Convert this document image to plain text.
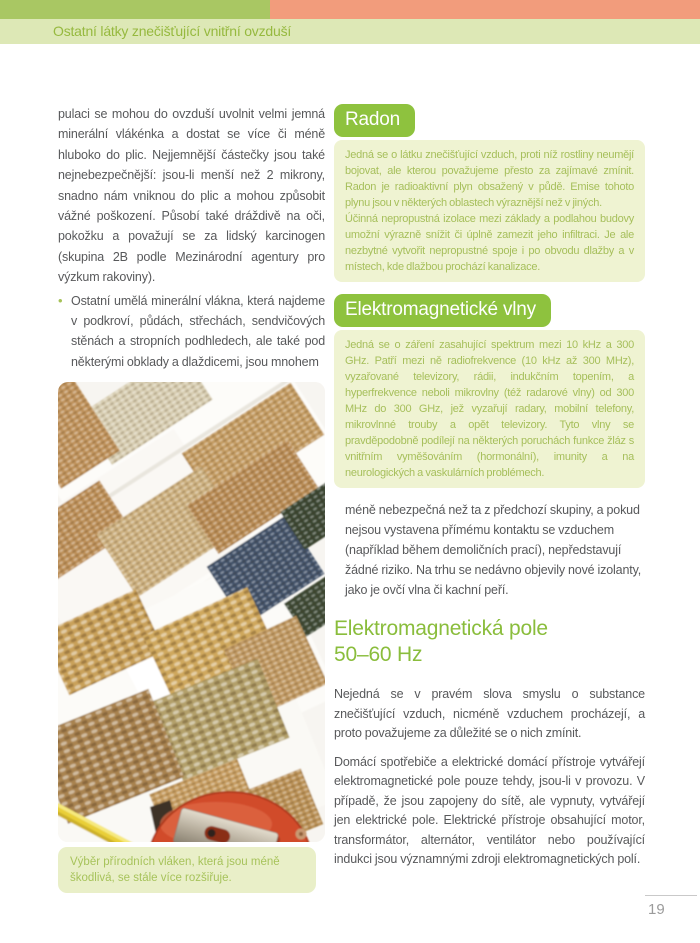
Ostatní látky znečišťující vnitřní ovzduší

pulaci se mohou do ovzduší uvolnit velmi jemná minerální vlákénka a dostat se více či méně hluboko do plic. Nejjemnější částečky jsou také nejnebezpečnější: jsou-li menší než 2 mikrony, snadno nám vniknou do plic a mohou způsobit vážné poškození. Působí také dráždivě na oči, pokožku a považují se za lidský karcinogen (skupina 2B podle Mezinárodní agentury pro výzkum rakoviny).

• Ostatní umělá minerální vlákna, která najdeme v podkroví, půdách, střechách, sendvičových stěnách a stropních podhledech, ale také pod některými obklady a dlaždicemi, jsou mnohem

Výběr přírodních vláken, která jsou méně škodlivá, se stále více rozšiřuje.
Radon

Jedná se o látku znečišťující vzduch, proti níž rostliny neumějí bojovat, ale kterou považujeme přesto za zajímavé zmínit. Radon je radioaktivní plyn obsažený v půdě. Emise tohoto plynu jsou v některých oblastech výraznější než v jiných.

Účinná nepropustná izolace mezi základy a podlahou budovy umožní výrazně snížit či úplně zamezit jeho infiltraci. Je ale nezbytné vytvořit nepropustné spoje i po obvodu dlažby a v místech, kde dlažbou prochází kanalizace.

Elektromagnetické vlny

Jedná se o záření zasahující spektrum mezi 10 kHz a 300 GHz. Patří mezi ně radiofrekvence (10 kHz až 300 MHz), vyzařované televizory, rádii, indukčním topením, a hyperfrekvence neboli mikrovlny (též radarové vlny) od 300 MHz do 300 GHz, jež vyzařují radary, mobilní telefony, mikrovlnné trouby a opět televizory. Tyto vlny se pravděpodobně podílejí na některých poruchách funkce žláz s vnitřním vyměšováním (hormonální), imunity a na neurologických a vaskulárních problémech.

méně nebezpečná než ta z předchozí skupiny, a pokud nejsou vystavena přímému kontaktu se vzduchem (například během demoličních prací), nepředstavují žádné riziko. Na trhu se nedávno objevily nové izolanty, jako je ovčí vlna či kachní peří.

Elektromagnetická pole 50–60 Hz

Nejedná se v pravém slova smyslu o substance znečišťující vzduch, nicméně vzduchem procházejí, a proto považujeme za důležité se o nich zmínit.

Domácí spotřebiče a elektrické domácí přístroje vytvářejí elektromagnetické pole pouze tehdy, jsou-li v provozu. V případě, že jsou zapojeny do sítě, ale vypnuty, vytvářejí jen elektrické pole. Elektrické přístroje obsahující motor, transformátor, alternátor, ventilátor nebo používající indukci jsou významnými zdroji elektromagnetických polí.

19
